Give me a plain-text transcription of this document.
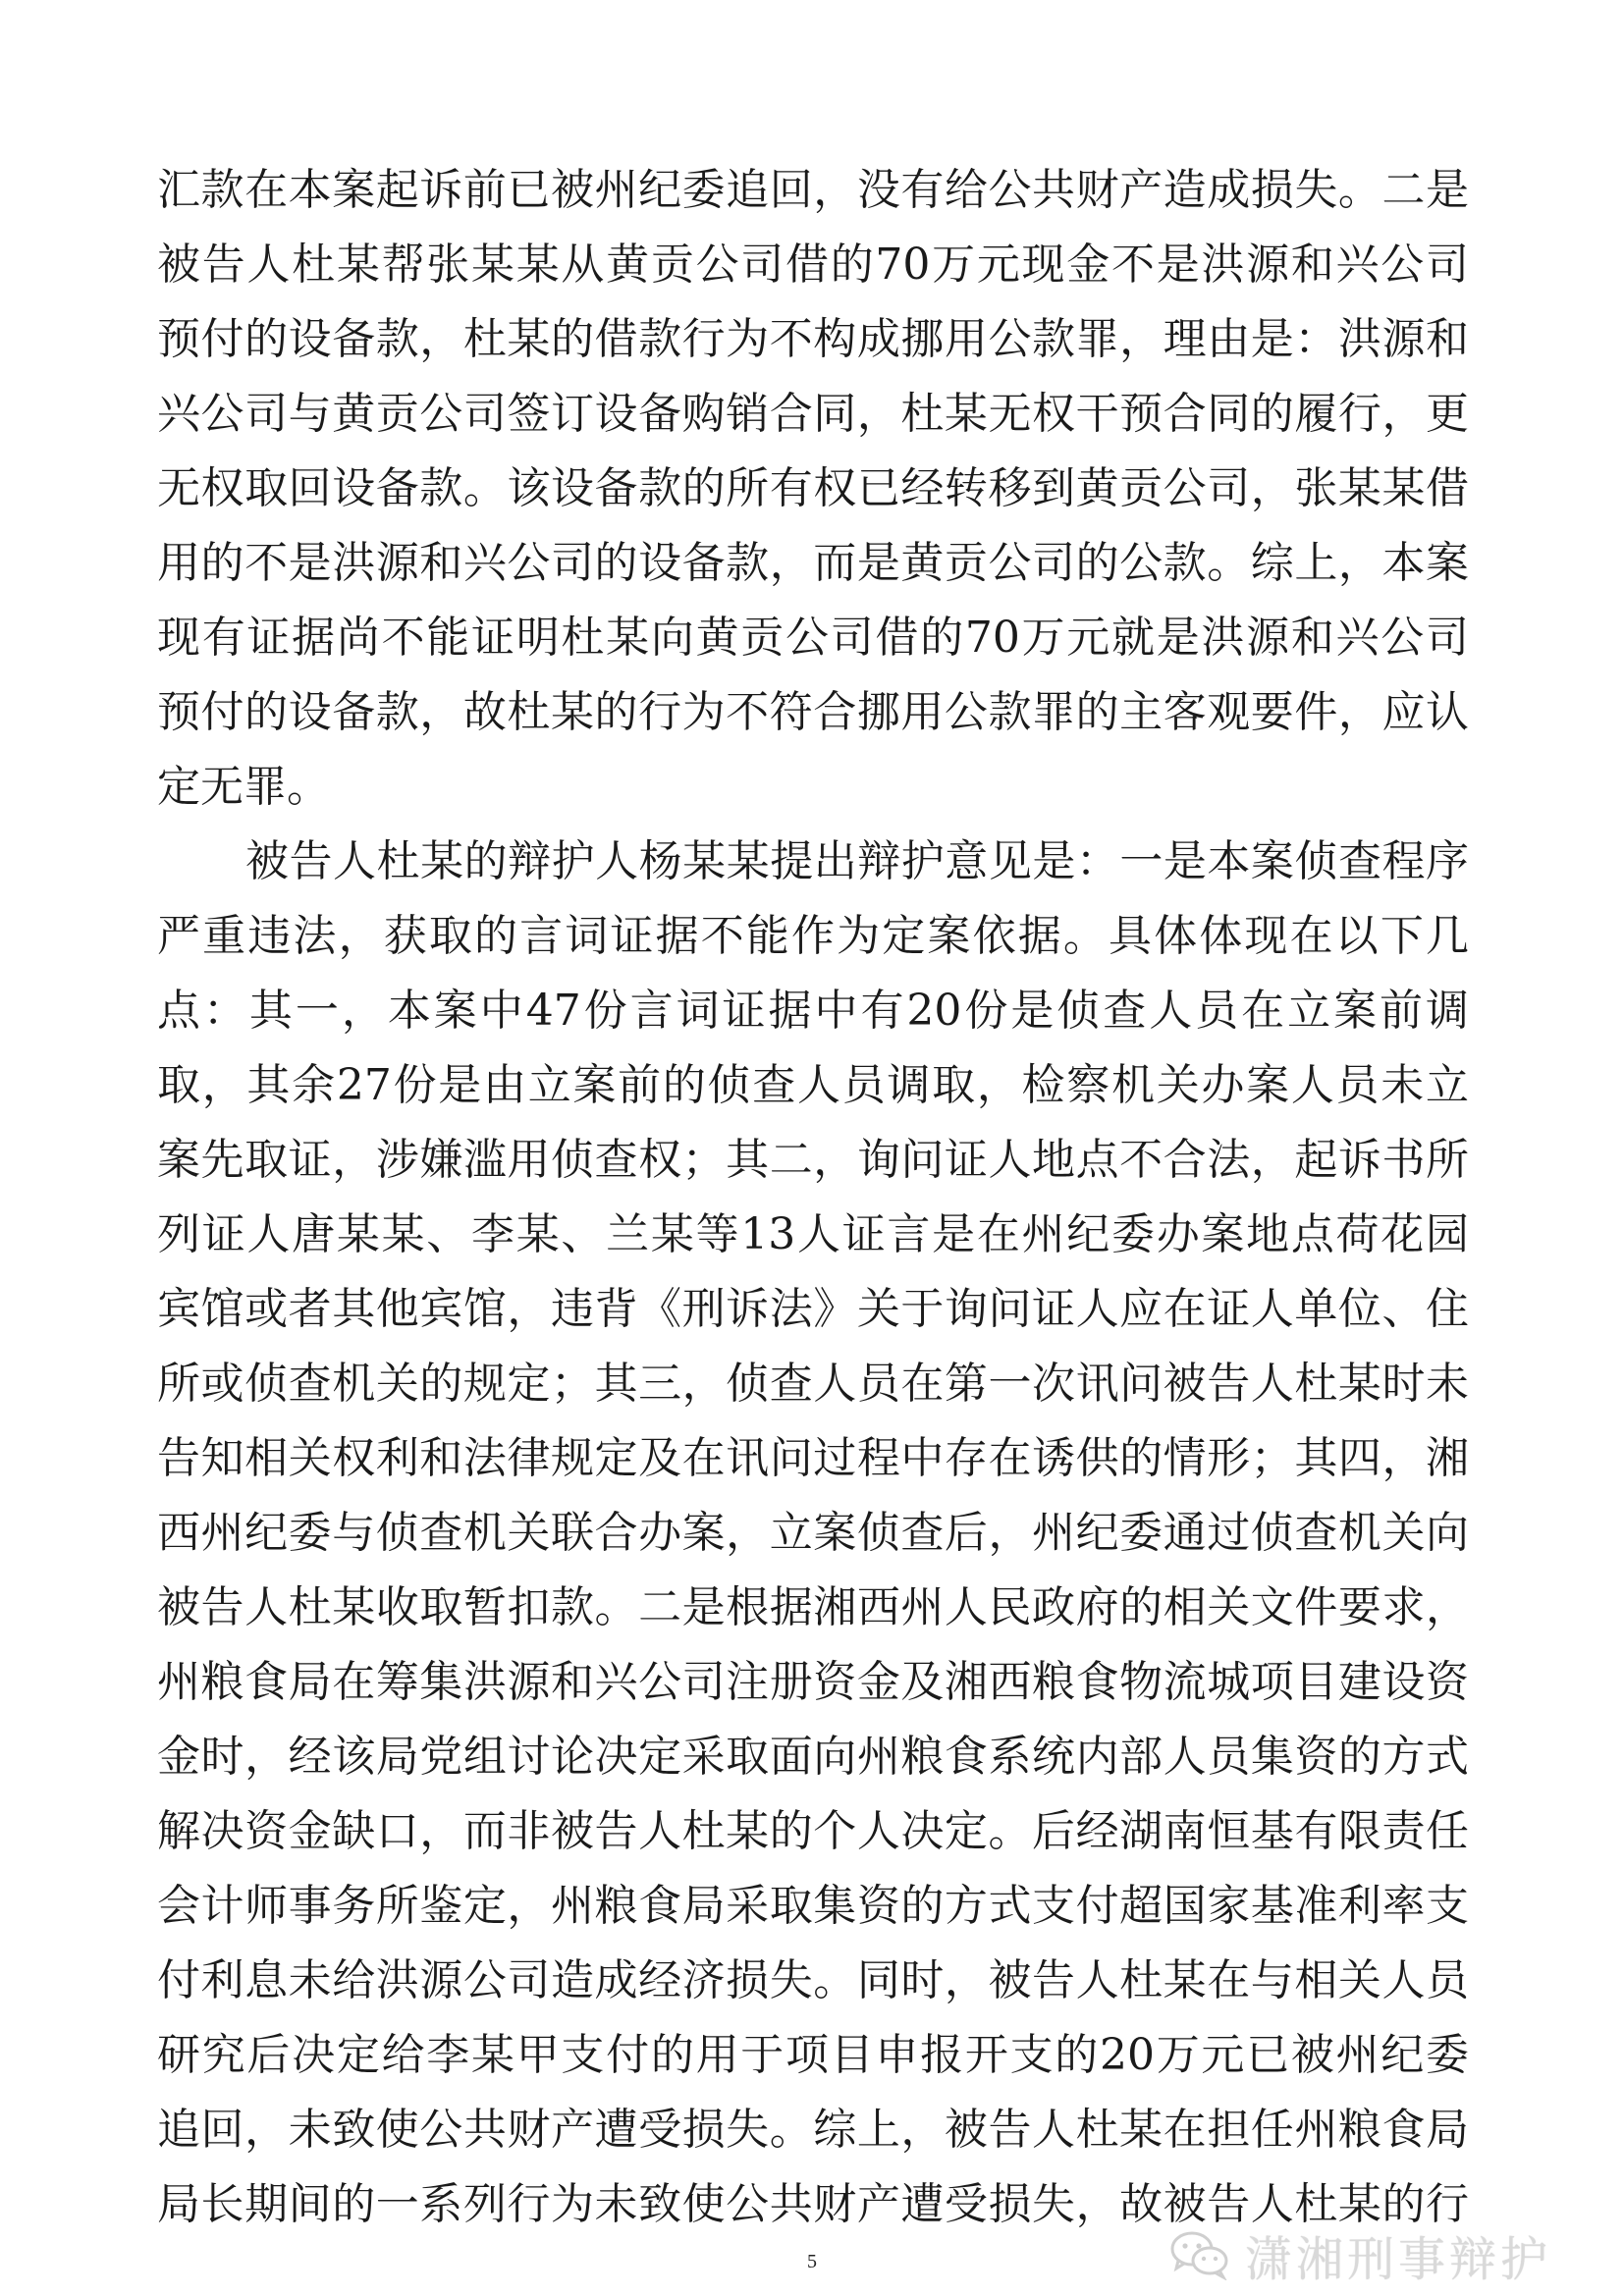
汇款在本案起诉前已被州纪委追回，没有给公共财产造成损失。二是
被告人杜某帮张某某从黄贡公司借的70万元现金不是洪源和兴公司
预付的设备款，杜某的借款行为不构成挪用公款罪，理由是：洪源和
兴公司与黄贡公司签订设备购销合同，杜某无权干预合同的履行，更
无权取回设备款。该设备款的所有权已经转移到黄贡公司，张某某借
用的不是洪源和兴公司的设备款，而是黄贡公司的公款。综上，本案
现有证据尚不能证明杜某向黄贡公司借的70万元就是洪源和兴公司
预付的设备款，故杜某的行为不符合挪用公款罪的主客观要件，应认
定无罪。
被告人杜某的辩护人杨某某提出辩护意见是：一是本案侦查程序
严重违法，获取的言词证据不能作为定案依据。具体体现在以下几
点：其一，本案中47份言词证据中有20份是侦查人员在立案前调
取，其余27份是由立案前的侦查人员调取，检察机关办案人员未立
案先取证，涉嫌滥用侦查权；其二，询问证人地点不合法，起诉书所
列证人唐某某、李某、兰某等13人证言是在州纪委办案地点荷花园
宾馆或者其他宾馆，违背《刑诉法》关于询问证人应在证人单位、住
所或侦查机关的规定；其三，侦查人员在第一次讯问被告人杜某时未
告知相关权利和法律规定及在讯问过程中存在诱供的情形；其四，湘
西州纪委与侦查机关联合办案，立案侦查后，州纪委通过侦查机关向
被告人杜某收取暂扣款。二是根据湘西州人民政府的相关文件要求，
州粮食局在筹集洪源和兴公司注册资金及湘西粮食物流城项目建设资
金时，经该局党组讨论决定采取面向州粮食系统内部人员集资的方式
解决资金缺口，而非被告人杜某的个人决定。后经湖南恒基有限责任
会计师事务所鉴定，州粮食局采取集资的方式支付超国家基准利率支
付利息未给洪源公司造成经济损失。同时，被告人杜某在与相关人员
研究后决定给李某甲支付的用于项目申报开支的20万元已被州纪委
追回，未致使公共财产遭受损失。综上，被告人杜某在担任州粮食局
局长期间的一系列行为未致使公共财产遭受损失，故被告人杜某的行
5	潇湘刑事辩护
